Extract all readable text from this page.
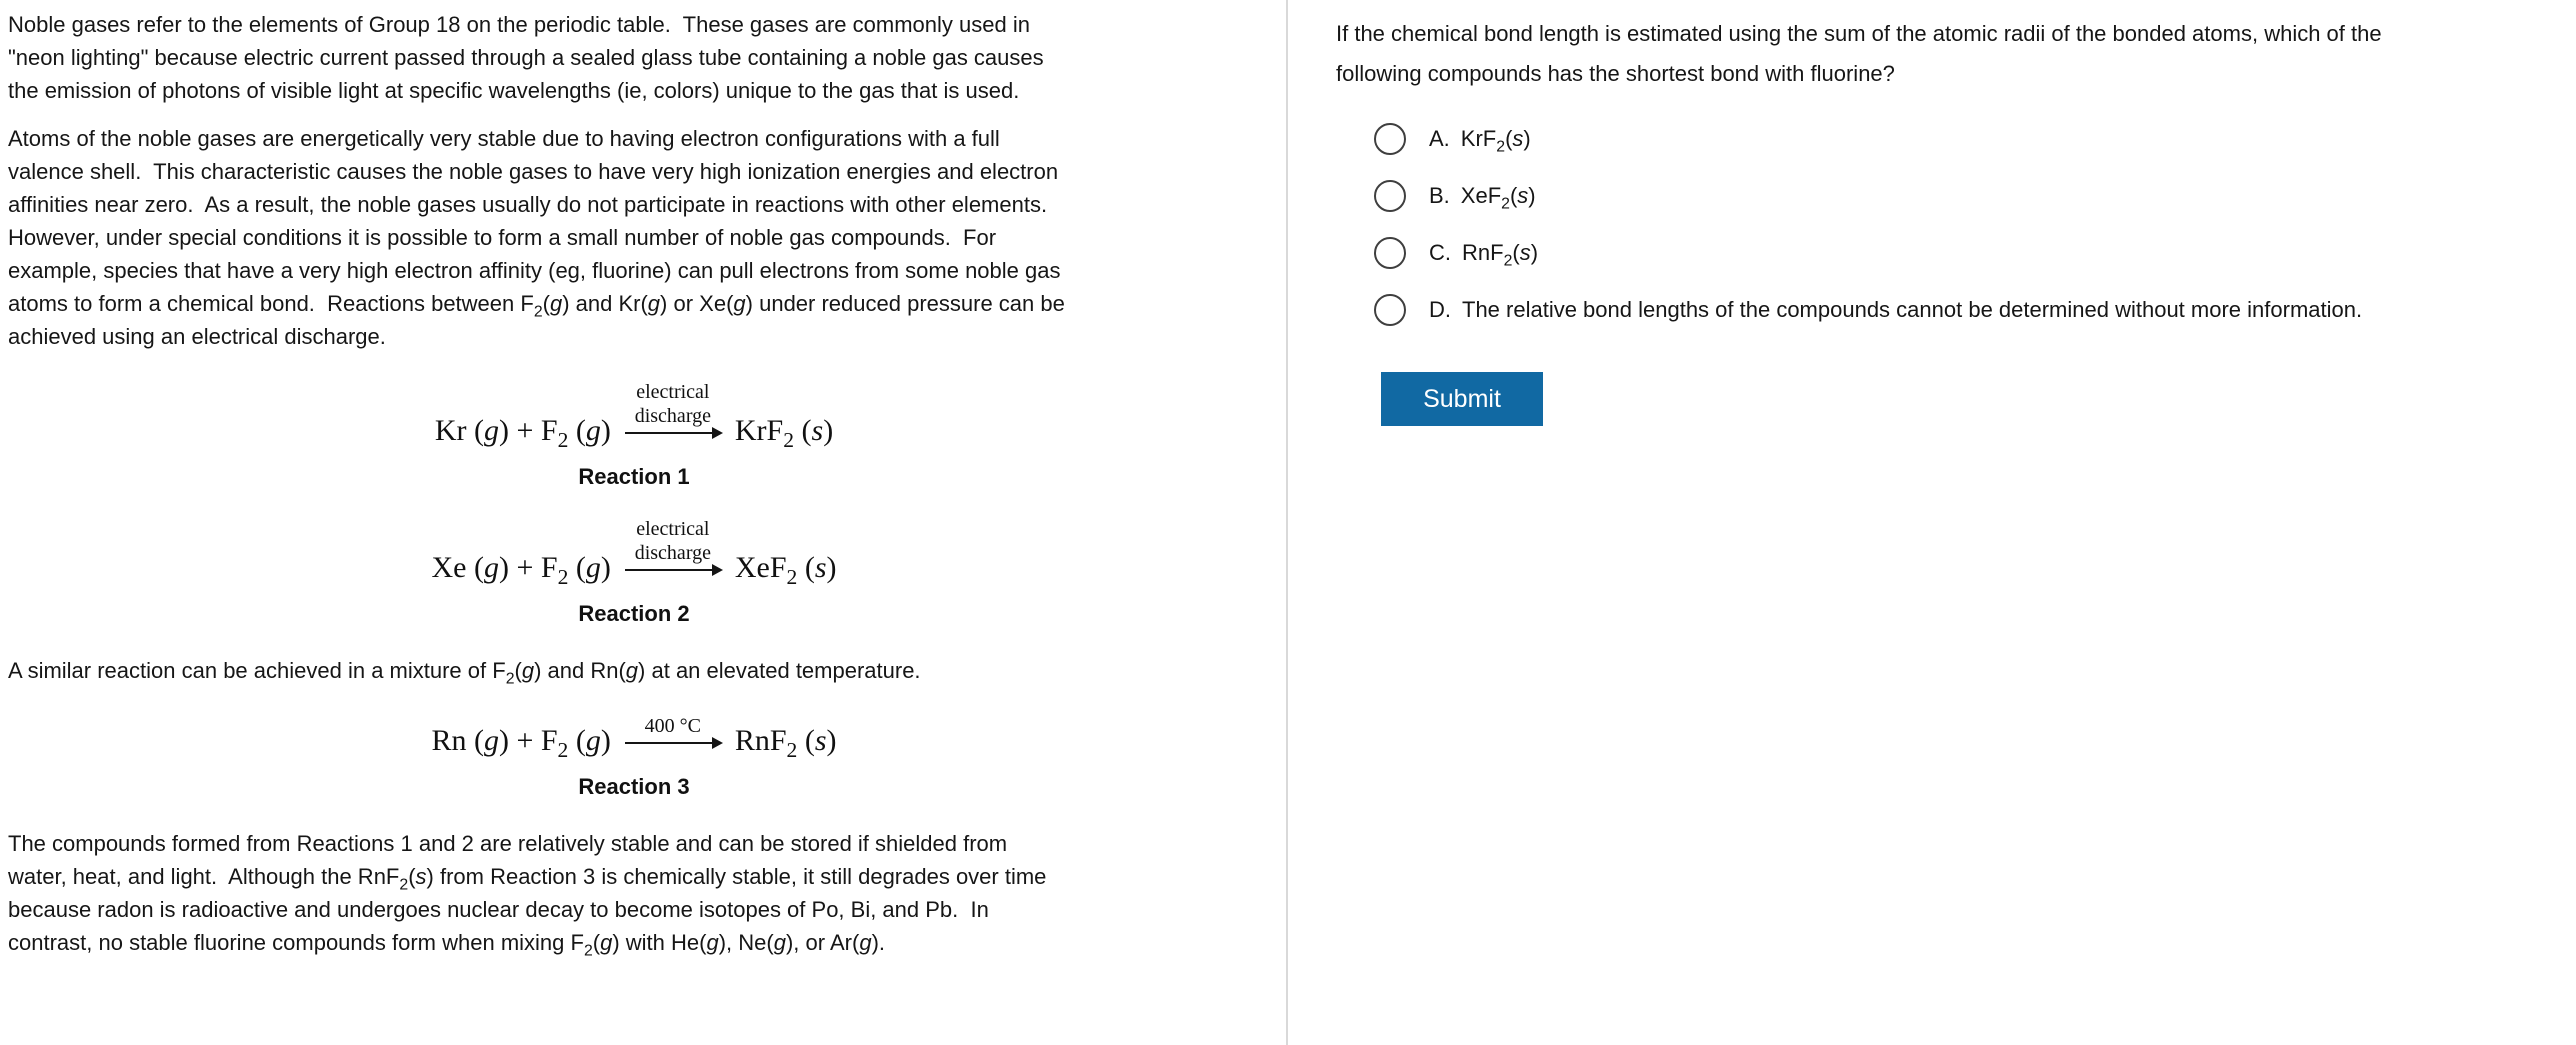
Noble gases refer to the elements of Group 18 on the periodic table.  These gases are commonly used in
"neon lighting" because electric current passed through a sealed glass tube containing a noble gas causes
the emission of photons of visible light at specific wavelengths (ie, colors) unique to the gas that is used.
Atoms of the noble gases are energetically very stable due to having electron configurations with a full
valence shell.  This characteristic causes the noble gases to have very high ionization energies and electron
affinities near zero.  As a result, the noble gases usually do not participate in reactions with other elements.
However, under special conditions it is possible to form a small number of noble gas compounds.  For
example, species that have a very high electron affinity (eg, fluorine) can pull electrons from some noble gas
atoms to form a chemical bond.  Reactions between $F_2(g)$ and Kr(g) or Xe(g) under reduced pressure can be
achieved using an electrical discharge.
Kr $(g) + F_2$ (g)
electrical
discharge KrF$_2$ (s)
Reaction 1
Xe $(g) + F_2$ (g)
electrical
discharge XeF$_2$ (s)
Reaction 2
A similar reaction can be achieved in a mixture of $F_2(g)$ and Rn(g) at an elevated temperature.
Rn $(g) + F_2$ (g) 400 °C RnF$_2$ (s)
Reaction 3
The compounds formed from Reactions 1 and 2 are relatively stable and can be stored if shielded from
water, heat, and light.  Although the RnF$_2$(s) from Reaction 3 is chemically stable, it still degrades over time
because radon is radioactive and undergoes nuclear decay to become isotopes of Po, Bi, and Pb.  In
contrast, no stable fluorine compounds form when mixing $F_2(g)$ with He(g), Ne(g), or Ar(g).
If the chemical bond length is estimated using the sum of the atomic radii of the bonded atoms, which of the
following compounds has the shortest bond with fluorine?
A. KrF$_2$(s)
B. XeF$_2$(s)
C. RnF$_2$(s)
D. The relative bond lengths of the compounds cannot be determined without more information.
Submit
